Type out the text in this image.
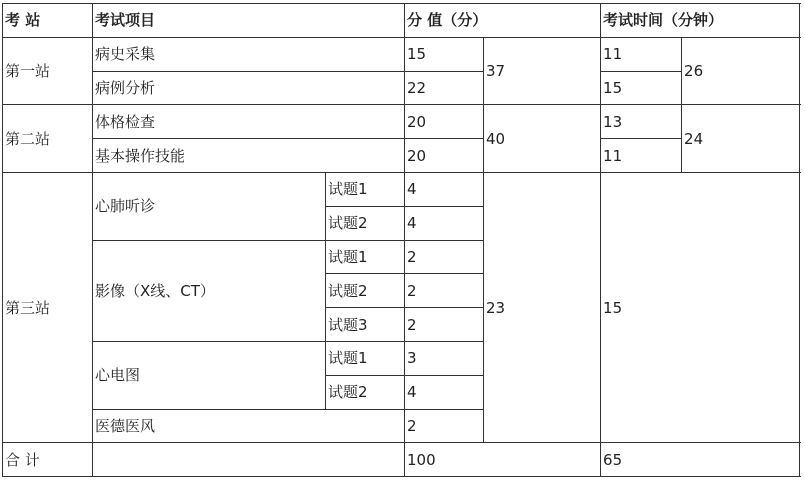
考 站	考试项目		分 值（分）		考试时间（分钟）	
第一站	病史采集		15	37	11	26
	病例分析		22		15	
第二站	体格检查		20	40	13	24
	基本操作技能		20		11	
第三站	心肺听诊	试题1	4	23	15	
		试题2	4			
	影像（X线、CT）	试题1	2			
		试题2	2			
		试题3	2			
	心电图	试题1	3			
		试题2	4			
	医德医风		2			
合 计			100		65	
